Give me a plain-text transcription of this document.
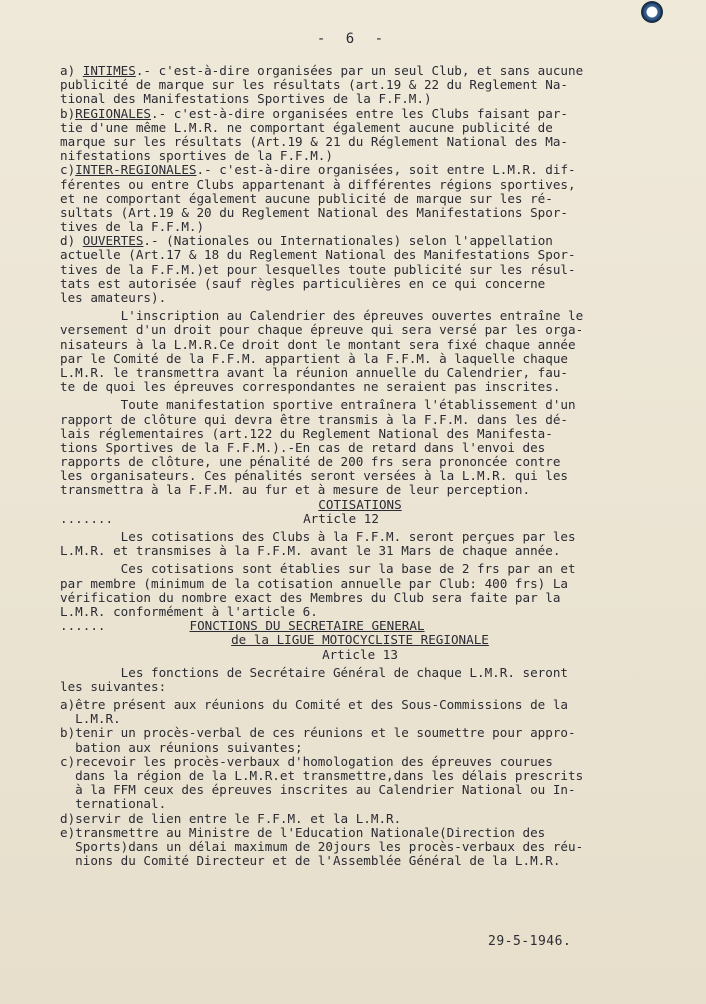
- 6 -
a) INTIMES.- c'est-à-dire organisées par un seul Club, et sans aucune
publicité de marque sur les résultats (art.19 & 22 du Reglement Na-
tional des Manifestations Sportives de la F.F.M.)
b)REGIONALES.- c'est-à-dire organisées entre les Clubs faisant par-
tie d'une même L.M.R. ne comportant également aucune publicité de
marque sur les résultats (Art.19 & 21 du Réglement National des Ma-
nifestations sportives de la F.F.M.)
c)INTER-REGIONALES.- c'est-à-dire organisées, soit entre L.M.R. dif-
férentes ou entre Clubs appartenant à différentes régions sportives,
et ne comportant également aucune publicité de marque sur les ré-
sultats (Art.19 & 20 du Reglement National des Manifestations Spor-
tives de la F.F.M.)
d) OUVERTES.- (Nationales ou Internationales) selon l'appellation
actuelle (Art.17 & 18 du Reglement National des Manifestations Spor-
tives de la F.F.M.)et pour lesquelles toute publicité sur les résul-
tats est autorisée (sauf règles particulières en ce qui concerne
les amateurs).
L'inscription au Calendrier des épreuves ouvertes entraîne le
versement d'un droit pour chaque épreuve qui sera versé par les orga-
nisateurs à la L.M.R.Ce droit dont le montant sera fixé chaque année
par le Comité de la F.F.M. appartient à la F.F.M. à laquelle chaque
L.M.R. le transmettra avant la réunion annuelle du Calendrier, fau-
te de quoi les épreuves correspondantes ne seraient pas inscrites.
Toute manifestation sportive entraînera l'établissement d'un
rapport de clôture qui devra être transmis à la F.F.M. dans les dé-
lais réglementaires (art.122 du Reglement National des Manifesta-
tions Sportives de la F.F.M.).-En cas de retard dans l'envoi des
rapports de clôture, une pénalité de 200 frs sera prononcée contre
les organisateurs. Ces pénalités seront versées à la L.M.R. qui les
transmettra à la F.F.M. au fur et à mesure de leur perception.
COTISATIONS
.......	Article 12
Les cotisations des Clubs à la F.F.M. seront perçues par les
L.M.R. et transmises à la F.F.M. avant le 31 Mars de chaque année.
Ces cotisations sont établies sur la base de 2 frs par an et
par membre (minimum de la cotisation annuelle par Club: 400 frs) La
vérification du nombre exact des Membres du Club sera faite par la
L.M.R. conformément à l'article 6.
......	FONCTIONS DU SECRETAIRE GENERAL
de la LIGUE MOTOCYCLISTE REGIONALE
Article 13
Les fonctions de Secrétaire Général de chaque L.M.R. seront
les suivantes:
a)être présent aux réunions du Comité et des Sous-Commissions de la
L.M.R.
b)tenir un procès-verbal de ces réunions et le soumettre pour appro-
bation aux réunions suivantes;
c)recevoir les procès-verbaux d'homologation des épreuves courues
dans la région de la L.M.R.et transmettre,dans les délais prescrits
à la FFM ceux des épreuves inscrites au Calendrier National ou In-
ternational.
d)servir de lien entre le F.F.M. et la L.M.R.
e)transmettre au Ministre de l'Education Nationale(Direction des
Sports)dans un délai maximum de 20jours les procès-verbaux des réu-
nions du Comité Directeur et de l'Assemblée Général de la L.M.R.
29-5-1946.
